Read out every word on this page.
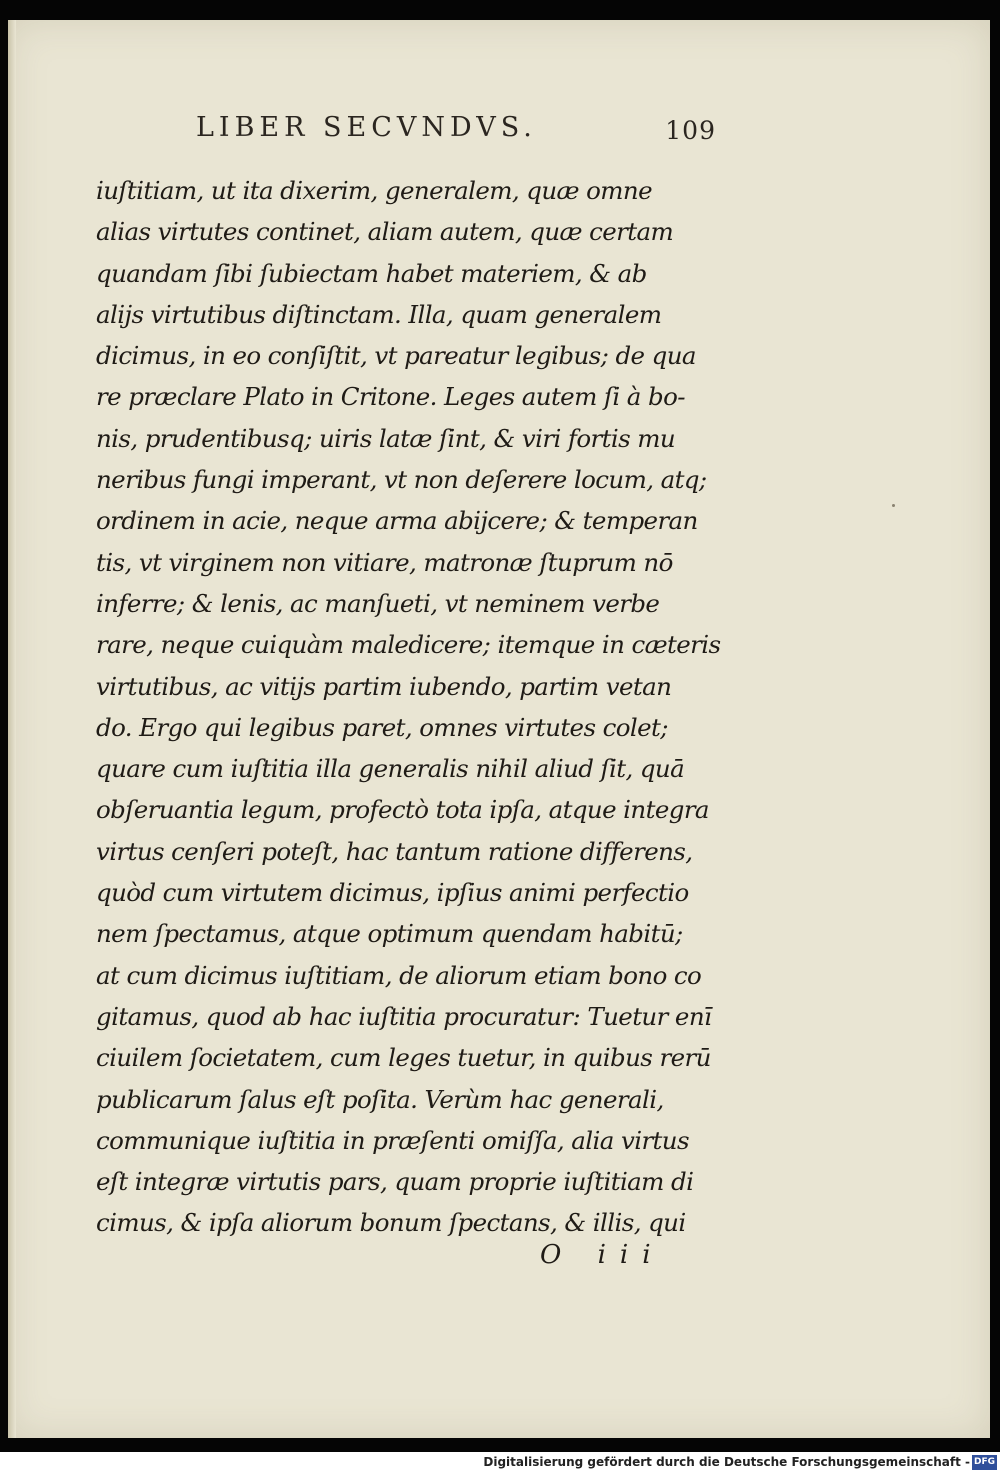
LIBER SECVNDVS.	109
iuſtitiam, ut ita dixerim, generalem, quæ omne
alias virtutes continet, aliam autem, quæ certam
quandam ſibi ſubiectam habet materiem, & ab
aliјs virtutibus diſtinctam. Illa, quam generalem
dicimus, in eo conſiſtit, vt pareatur legibus; de qua
re præclare Plato in Critone. Leges autem ſi à bo-
nis, prudentibusq; uiris latæ ſint, & viri fortis mu
neribus fungi imperant, vt non deſerere locum, atq;
ordinem in acie, neque arma abijcere; & temperan
tis, vt virginem non vitiare, matronæ ſtuprum nō
inferre; & lenis, ac manſueti, vt neminem verbe
rare, neque cuiquàm maledicere; itemque in cæteris
virtutibus, ac vitijs partim iubendo, partim vetan
do. Ergo qui legibus paret, omnes virtutes colet;
quare cum iuſtitia illa generalis nihil aliud ſit, quā
obſeruantia legum, profectò tota ipſa, atque integra
virtus cenſeri poteſt, hac tantum ratione differens,
quòd cum virtutem dicimus, ipſius animi perfectio
nem ſpectamus, atque optimum quendam habitū;
at cum dicimus iuſtitiam, de aliorum etiam bono co
gitamus, quod ab hac iuſtitia procuratur: Tuetur enī
ciuilem ſocietatem, cum leges tuetur, in quibus rerū
publicarum ſalus eſt poſita. Verùm hac generali,
communique iuſtitia in præſenti omiſſa, alia virtus
eſt integræ virtutis pars, quam proprie iuſtitiam di
cimus, & ipſa aliorum bonum ſpectans, & illis, qui
O iii
Digitalisierung gefördert durch die Deutsche Forschungsgemeinschaft - DFG
